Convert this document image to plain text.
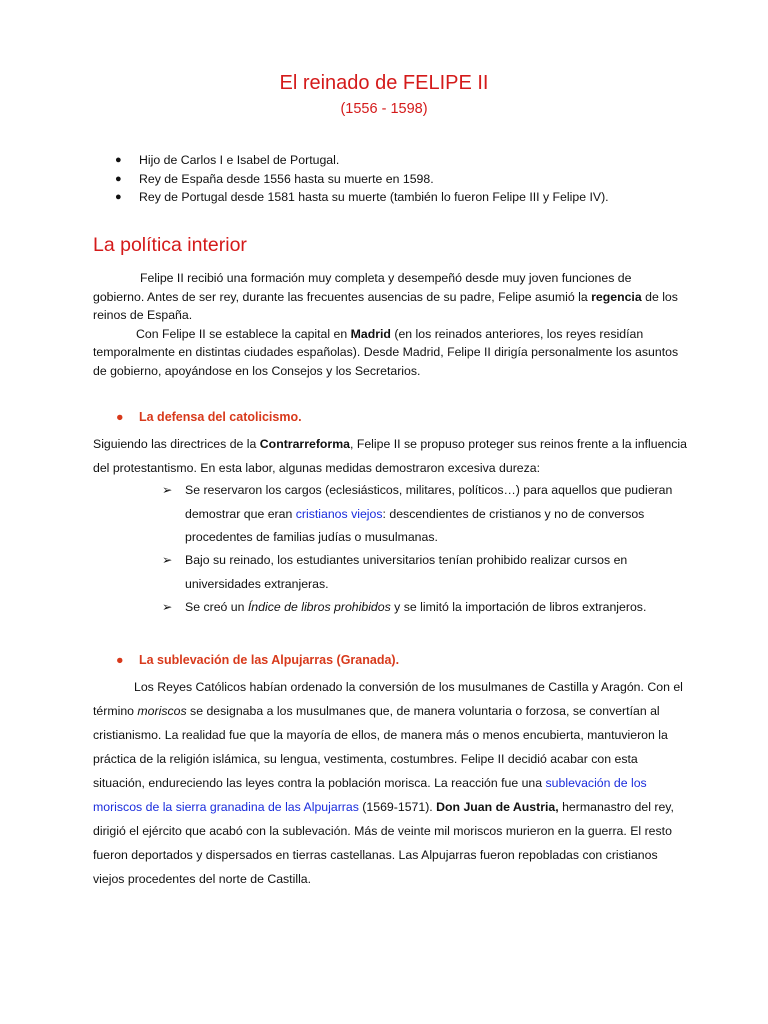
El reinado de FELIPE II
(1556 - 1598)
● Hijo de Carlos I e Isabel de Portugal.
● Rey de España desde 1556 hasta su muerte en 1598.
● Rey de Portugal desde 1581 hasta su muerte (también lo fueron Felipe III y Felipe IV).
La política interior
Felipe II recibió una formación muy completa y desempeñó desde muy joven funciones de
gobierno. Antes de ser rey, durante las frecuentes ausencias de su padre, Felipe asumió la regencia de los
reinos de España.
Con Felipe II se establece la capital en Madrid (en los reinados anteriores, los reyes residían
temporalmente en distintas ciudades españolas). Desde Madrid, Felipe II dirigía personalmente los asuntos
de gobierno, apoyándose en los Consejos y los Secretarios.
● La defensa del catolicismo.
Siguiendo las directrices de la Contrarreforma, Felipe II se propuso proteger sus reinos frente a la influencia
del protestantismo. En esta labor, algunas medidas demostraron excesiva dureza:
➢ Se reservaron los cargos (eclesiásticos, militares, políticos…) para aquellos que pudieran
demostrar que eran cristianos viejos: descendientes de cristianos y no de conversos
procedentes de familias judías o musulmanas.
➢ Bajo su reinado, los estudiantes universitarios tenían prohibido realizar cursos en
universidades extranjeras.
➢ Se creó un Índice de libros prohibidos y se limitó la importación de libros extranjeros.
● La sublevación de las Alpujarras (Granada).
Los Reyes Católicos habían ordenado la conversión de los musulmanes de Castilla y Aragón. Con el
término moriscos se designaba a los musulmanes que, de manera voluntaria o forzosa, se convertían al
cristianismo. La realidad fue que la mayoría de ellos, de manera más o menos encubierta, mantuvieron la
práctica de la religión islámica, su lengua, vestimenta, costumbres. Felipe II decidió acabar con esta
situación, endureciendo las leyes contra la población morisca. La reacción fue una sublevación de los
moriscos de la sierra granadina de las Alpujarras (1569-1571). Don Juan de Austria, hermanastro del rey,
dirigió el ejército que acabó con la sublevación. Más de veinte mil moriscos murieron en la guerra. El resto
fueron deportados y dispersados en tierras castellanas. Las Alpujarras fueron repobladas con cristianos
viejos procedentes del norte de Castilla.
